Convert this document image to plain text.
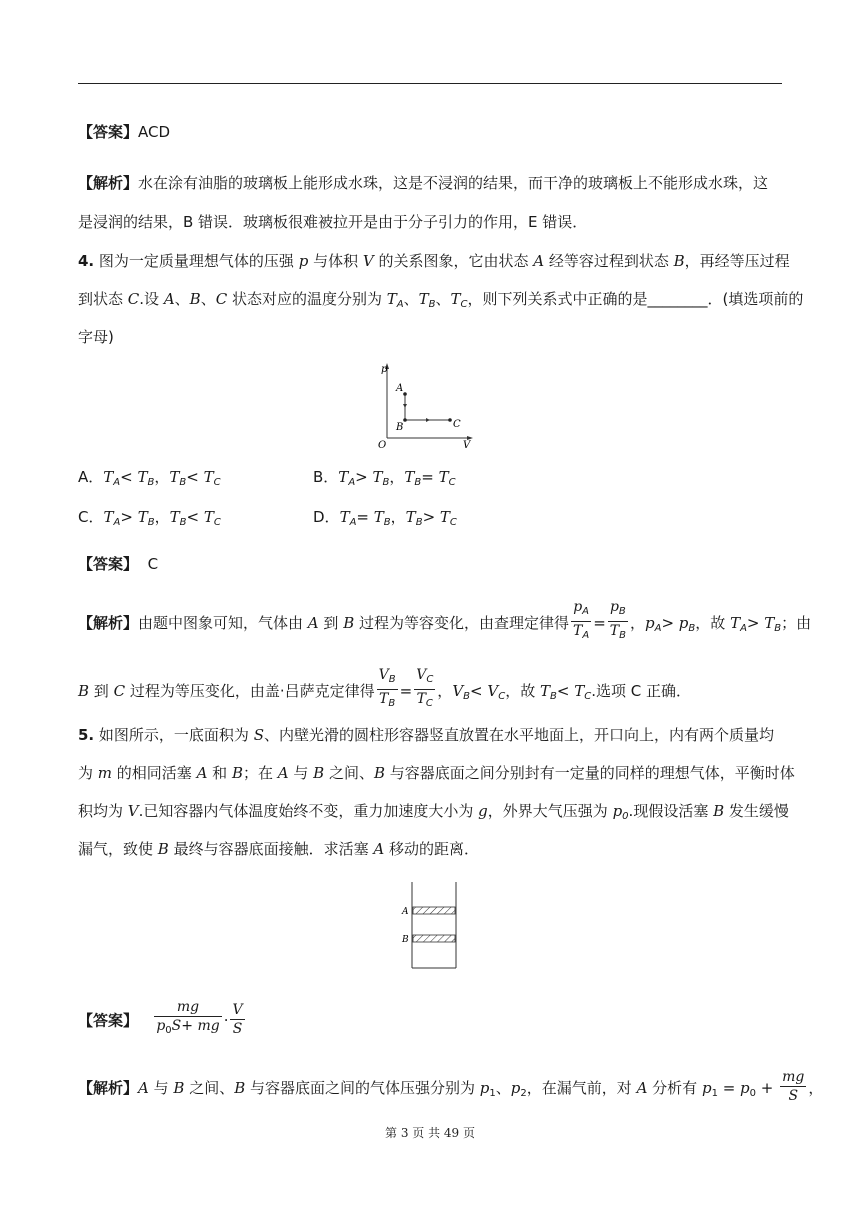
【答案】ACD
【解析】水在涂有油脂的玻璃板上能形成水珠，这是不浸润的结果，而干净的玻璃板上不能形成水珠，这
是浸润的结果，B 错误．玻璃板很难被拉开是由于分子引力的作用，E 错误．
4. 图为一定质量理想气体的压强 p 与体积 V 的关系图象，它由状态 A 经等容过程到状态 B，再经等压过程
到状态 C.设 A、B、C 状态对应的温度分别为 $T_A$、$T_B$、$T_C$，则下列关系式中正确的是________．(填选项前的
字母)
p
V
O
A
B	C
A．$T_A< T_B$，$T_B< T_C$	B．$T_A> T_B$，$T_B= T_C$
C．$T_A> T_B$，$T_B< T_C$	D．$T_A= T_B$，$T_B> T_C$
【答案】 C
【解析】由题中图象可知，气体由 A 到 B 过程为等容变化，由查理定律得 $\frac{p_A}{T_A} = \frac{p_B}{T_B}$ ，$p_A> p_B$，故 $T_A> T_B$；由
B 到 C 过程为等压变化，由盖·吕萨克定律得 $\frac{V_B}{T_B} = \frac{V_C}{T_C}$ ，$V_B< V_C$，故 $T_B< T_C$.选项 C 正确．
5. 如图所示，一底面积为 S、内壁光滑的圆柱形容器竖直放置在水平地面上，开口向上，内有两个质量均
为 m 的相同活塞 A 和 B；在 A 与 B 之间、B 与容器底面之间分别封有一定量的同样的理想气体，平衡时体
积均为 V.已知容器内气体温度始终不变，重力加速度大小为 g，外界大气压强为 $p_0$.现假设活塞 B 发生缓慢
漏气，致使 B 最终与容器底面接触．求活塞 A 移动的距离．
A
B
【答案】 $\frac{mg}{p_0S+ mg} \cdot \frac{V}{S}$
【解析】A 与 B 之间、B 与容器底面之间的气体压强分别为 $p_1$、$p_2$，在漏气前，对 A 分析有 $p_1 = p_0 + \frac{mg}{S}$ ，
第 3 页 共 49 页
